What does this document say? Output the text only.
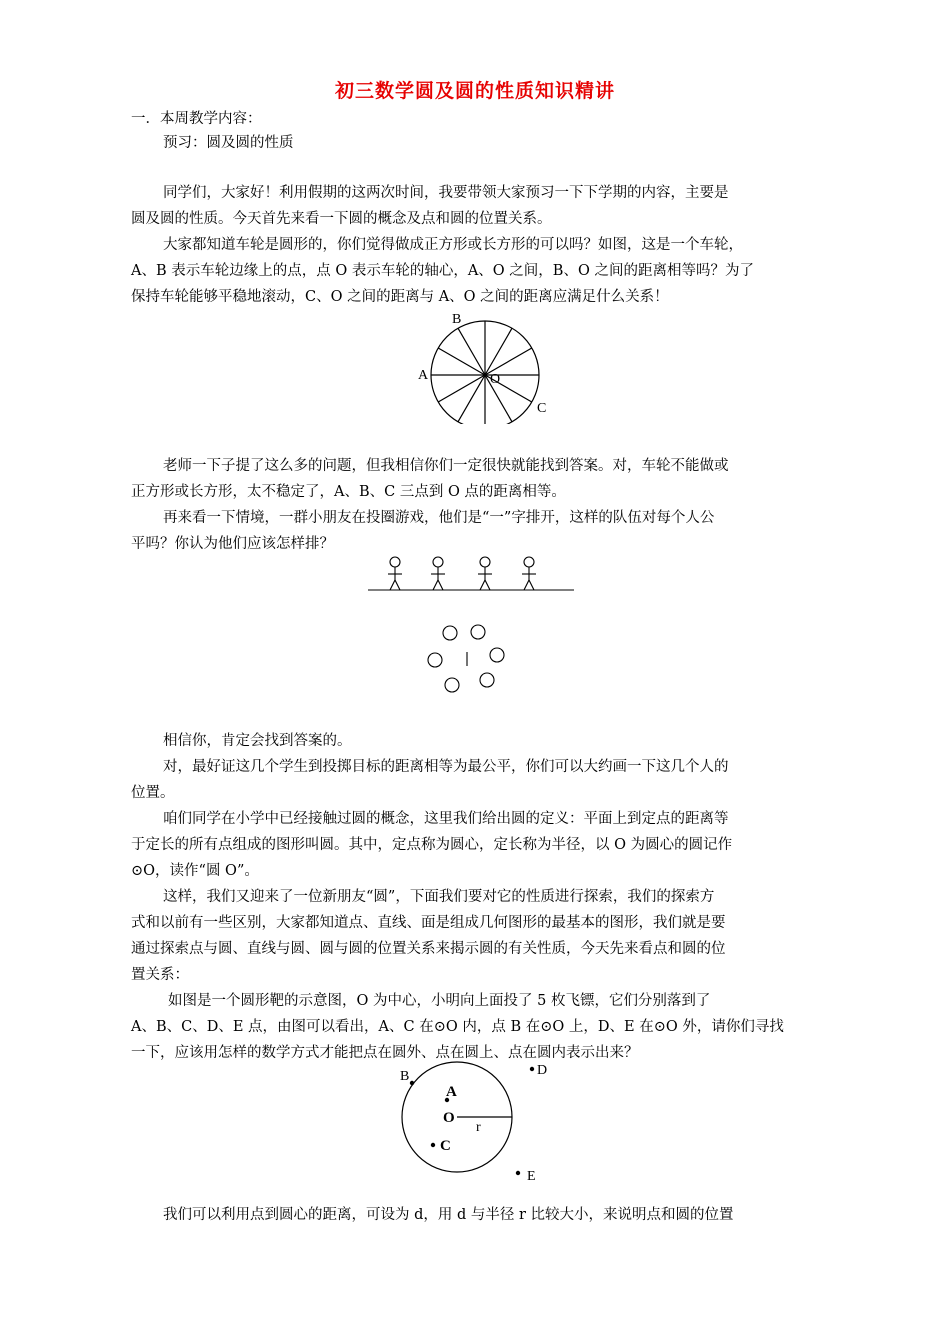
初三数学圆及圆的性质知识精讲
一．本周教学内容：
预习：圆及圆的性质
同学们，大家好！利用假期的这两次时间，我要带领大家预习一下下学期的内容，主要是
圆及圆的性质。今天首先来看一下圆的概念及点和圆的位置关系。
大家都知道车轮是圆形的，你们觉得做成正方形或长方形的可以吗？如图，这是一个车轮，
A、B 表示车轮边缘上的点，点 O 表示车轮的轴心，A、O 之间，B、O 之间的距离相等吗？为了
保持车轮能够平稳地滚动，C、O 之间的距离与 A、O 之间的距离应满足什么关系！
B
A	O
C
老师一下子提了这么多的问题，但我相信你们一定很快就能找到答案。对，车轮不能做或
正方形或长方形，太不稳定了，A、B、C 三点到 O 点的距离相等。
再来看一下情境，一群小朋友在投圈游戏，他们是“一”字排开，这样的队伍对每个人公
平吗？你认为他们应该怎样排？
相信你，肯定会找到答案的。
对，最好证这几个学生到投掷目标的距离相等为最公平，你们可以大约画一下这几个人的
位置。
咱们同学在小学中已经接触过圆的概念，这里我们给出圆的定义：平面上到定点的距离等
于定长的所有点组成的图形叫圆。其中，定点称为圆心，定长称为半径，以 O 为圆心的圆记作
⊙O，读作“圆 O”。
这样，我们又迎来了一位新朋友“圆”，下面我们要对它的性质进行探索，我们的探索方
式和以前有一些区别，大家都知道点、直线、面是组成几何图形的最基本的图形，我们就是要
通过探索点与圆、直线与圆、圆与圆的位置关系来揭示圆的有关性质，今天先来看点和圆的位
置关系：
如图是一个圆形靶的示意图，O 为中心，小明向上面投了 5 枚飞镖，它们分别落到了
A、B、C、D、E 点，由图可以看出，A、C 在⊙O 内，点 B 在⊙O 上，D、E 在⊙O 外，请你们寻找
一下，应该用怎样的数学方式才能把点在圆外、点在圆上、点在圆内表示出来？
B
A
O
r
C
D
E
我们可以利用点到圆心的距离，可设为 d，用 d 与半径 r 比较大小，来说明点和圆的位置
